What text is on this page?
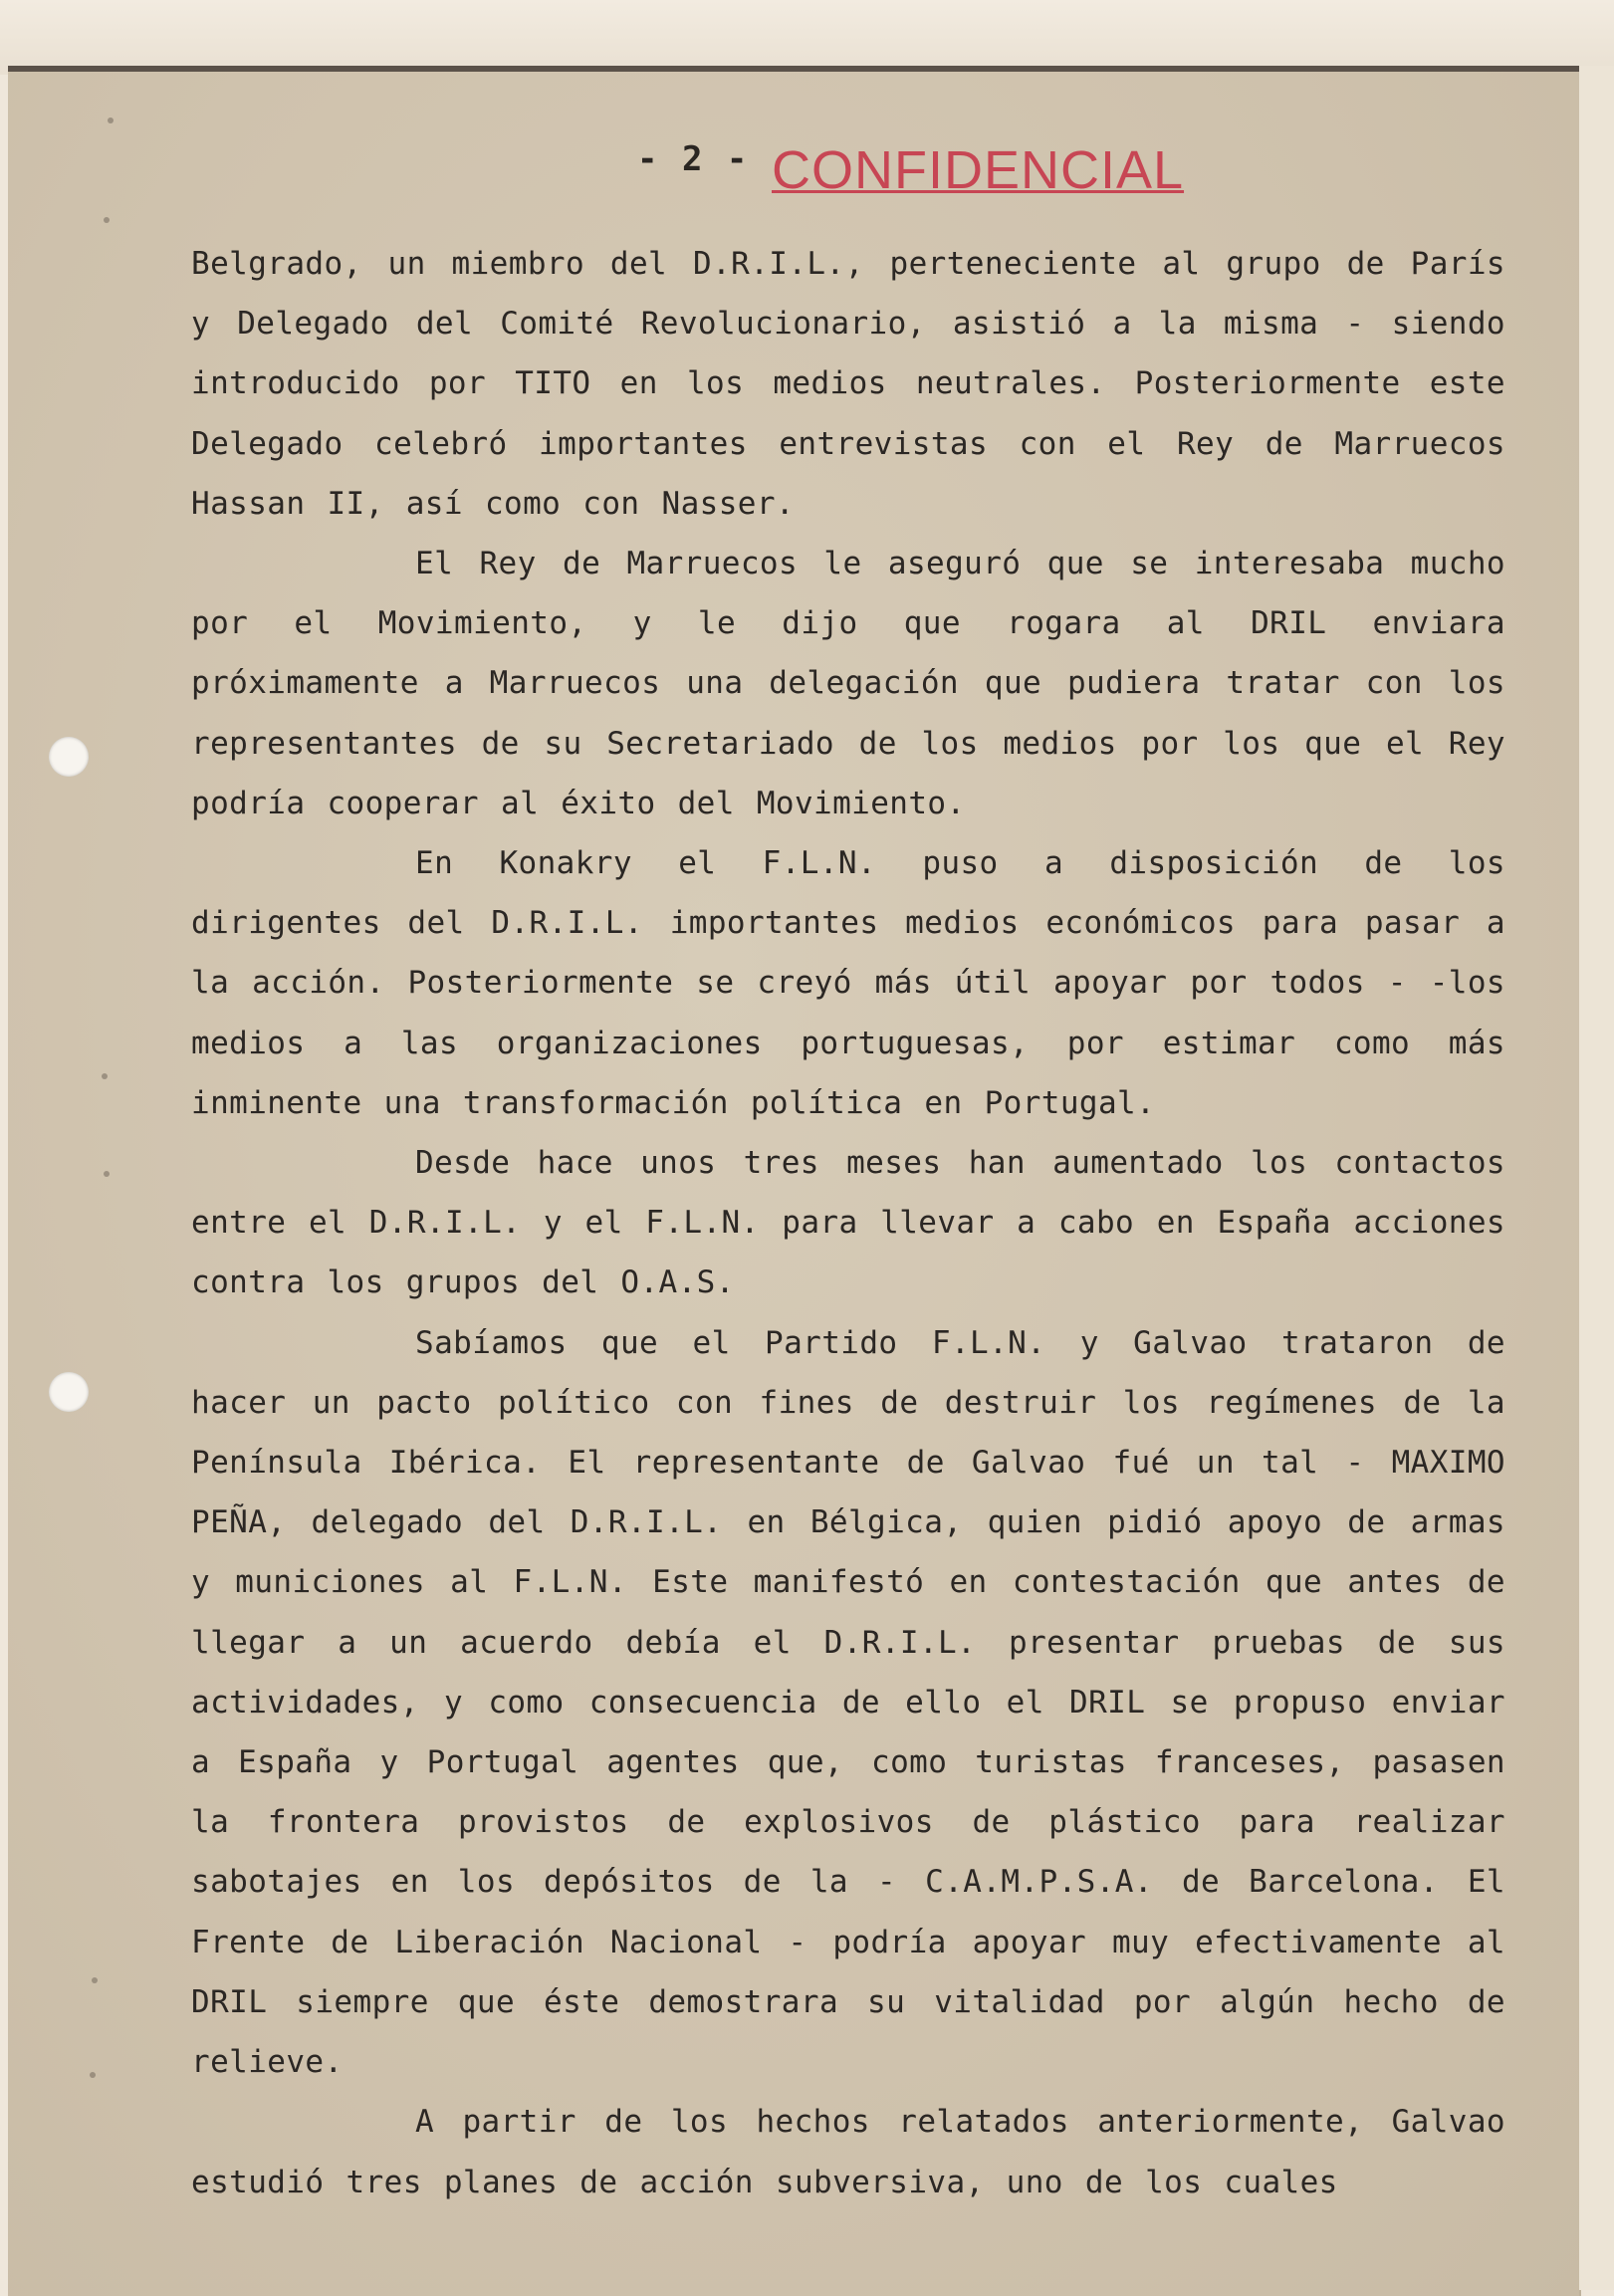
- 2 - CONFIDENCIAL

Belgrado, un miembro del D.R.I.L., perteneciente al grupo de París y Delegado del Comité Revolucionario, asistió a la misma - siendo introducido por TITO en los medios neutrales. Posteriormente este Delegado celebró importantes entrevistas con el Rey de Marruecos Hassan II, así como con Nasser.

El Rey de Marruecos le aseguró que se interesaba mucho por el Movimiento, y le dijo que rogara al DRIL enviara próximamente a Marruecos una delegación que pudiera tratar con los representantes de su Secretariado de los medios por los que el Rey podría cooperar al éxito del Movimiento.

En Konakry el F.L.N. puso a disposición de los dirigentes del D.R.I.L. importantes medios económicos para pasar a la acción. Posteriormente se creyó más útil apoyar por todos - -los medios a las organizaciones portuguesas, por estimar como más inminente una transformación política en Portugal.

Desde hace unos tres meses han aumentado los contactos entre el D.R.I.L. y el F.L.N. para llevar a cabo en España acciones contra los grupos del O.A.S.

Sabíamos que el Partido F.L.N. y Galvao trataron de hacer un pacto político con fines de destruir los regímenes de la Península Ibérica. El representante de Galvao fué un tal - MAXIMO PEÑA, delegado del D.R.I.L. en Bélgica, quien pidió apoyo de armas y municiones al F.L.N. Este manifestó en contestación que antes de llegar a un acuerdo debía el D.R.I.L. presentar pruebas de sus actividades, y como consecuencia de ello el DRIL se propuso enviar a España y Portugal agentes que, como turistas franceses, pasasen la frontera provistos de explosivos de plástico para realizar sabotajes en los depósitos de la - C.A.M.P.S.A. de Barcelona. El Frente de Liberación Nacional - podría apoyar muy efectivamente al DRIL siempre que éste demostrara su vitalidad por algún hecho de relieve.

A partir de los hechos relatados anteriormente, Galvao estudió tres planes de acción subversiva, uno de los cuales
